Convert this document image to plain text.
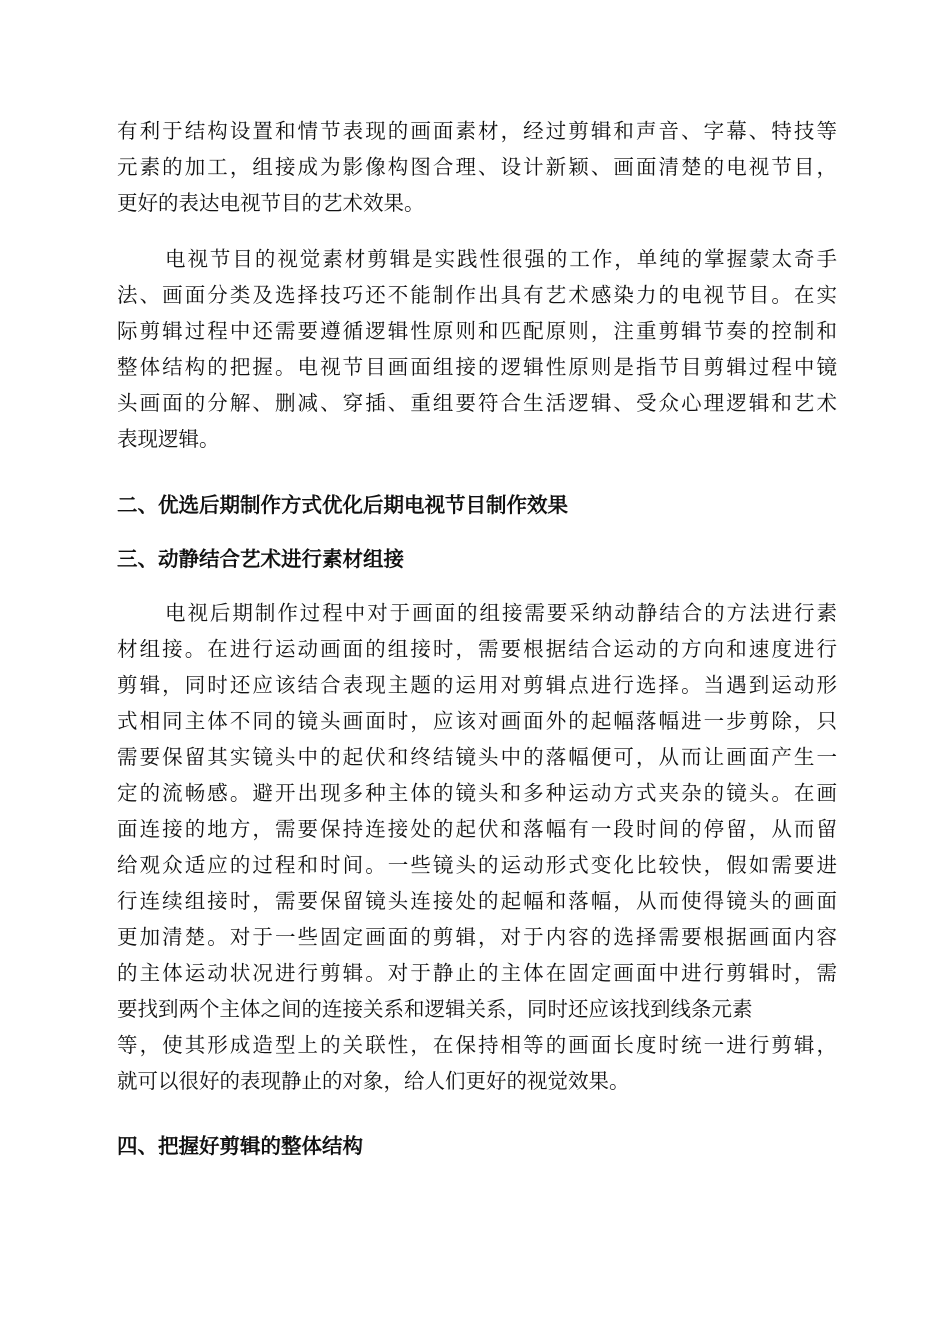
有利于结构设置和情节表现的画面素材，经过剪辑和声音、字幕、特技等
元素的加工，组接成为影像构图合理、设计新颖、画面清楚的电视节目，
更好的表达电视节目的艺术效果。
电视节目的视觉素材剪辑是实践性很强的工作，单纯的掌握蒙太奇手
法、画面分类及选择技巧还不能制作出具有艺术感染力的电视节目。在实
际剪辑过程中还需要遵循逻辑性原则和匹配原则，注重剪辑节奏的控制和
整体结构的把握。电视节目画面组接的逻辑性原则是指节目剪辑过程中镜
头画面的分解、删减、穿插、重组要符合生活逻辑、受众心理逻辑和艺术
表现逻辑。
二、优选后期制作方式优化后期电视节目制作效果
三、动静结合艺术进行素材组接
电视后期制作过程中对于画面的组接需要采纳动静结合的方法进行素
材组接。在进行运动画面的组接时，需要根据结合运动的方向和速度进行
剪辑，同时还应该结合表现主题的运用对剪辑点进行选择。当遇到运动形
式相同主体不同的镜头画面时，应该对画面外的起幅落幅进一步剪除，只
需要保留其实镜头中的起伏和终结镜头中的落幅便可，从而让画面产生一
定的流畅感。避开出现多种主体的镜头和多种运动方式夹杂的镜头。在画
面连接的地方，需要保持连接处的起伏和落幅有一段时间的停留，从而留
给观众适应的过程和时间。一些镜头的运动形式变化比较快，假如需要进
行连续组接时，需要保留镜头连接处的起幅和落幅，从而使得镜头的画面
更加清楚。对于一些固定画面的剪辑，对于内容的选择需要根据画面内容
的主体运动状况进行剪辑。对于静止的主体在固定画面中进行剪辑时，需
要找到两个主体之间的连接关系和逻辑关系，同时还应该找到线条元素
等，使其形成造型上的关联性，在保持相等的画面长度时统一进行剪辑，
就可以很好的表现静止的对象，给人们更好的视觉效果。
四、把握好剪辑的整体结构
